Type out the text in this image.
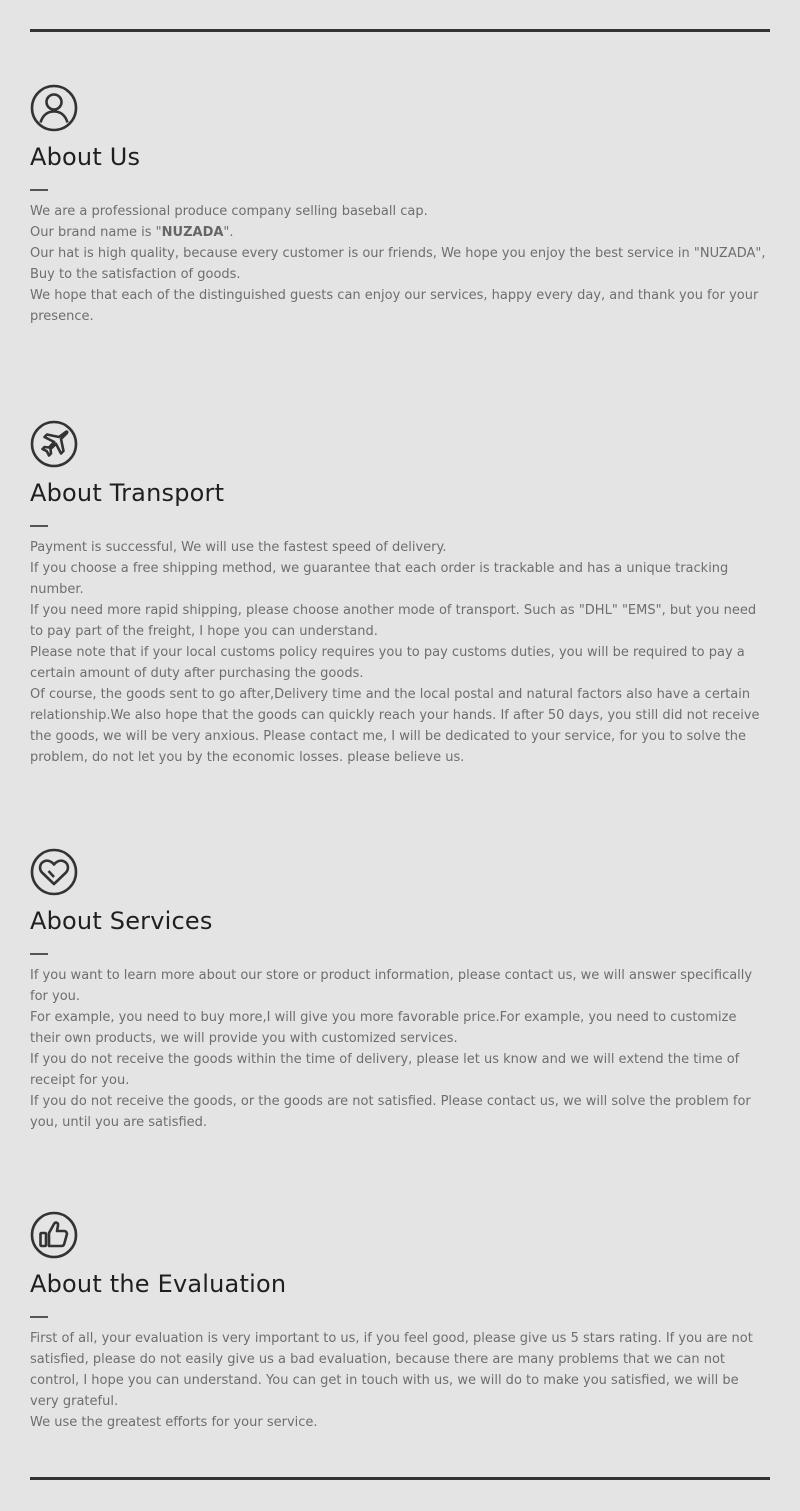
About Us

We are a professional produce company selling baseball cap.

Our brand name is "NUZADA".

Our hat is high quality, because every customer is our friends, We hope you enjoy the best service in "NUZADA", Buy to the satisfaction of goods.

We hope that each of the distinguished guests can enjoy our services, happy every day, and thank you for your presence.

About Transport

Payment is successful, We will use the fastest speed of delivery.

If you choose a free shipping method, we guarantee that each order is trackable and has a unique tracking number.

If you need more rapid shipping, please choose another mode of transport. Such as "DHL" "EMS", but you need to pay part of the freight, I hope you can understand.

Please note that if your local customs policy requires you to pay customs duties, you will be required to pay a certain amount of duty after purchasing the goods.

Of course, the goods sent to go after,Delivery time and the local postal and natural factors also have a certain relationship.We also hope that the goods can quickly reach your hands. If after 50 days, you still did not receive the goods, we will be very anxious. Please contact me, I will be dedicated to your service, for you to solve the problem, do not let you by the economic losses. please believe us.

About Services

If you want to learn more about our store or product information, please contact us, we will answer specifically for you.

For example, you need to buy more,I will give you more favorable price.For example, you need to customize their own products, we will provide you with customized services.

If you do not receive the goods within the time of delivery, please let us know and we will extend the time of receipt for you.

If you do not receive the goods, or the goods are not satisfied. Please contact us, we will solve the problem for you, until you are satisfied.

About the Evaluation

First of all, your evaluation is very important to us, if you feel good, please give us 5 stars rating. If you are not satisfied, please do not easily give us a bad evaluation, because there are many problems that we can not control, I hope you can understand. You can get in touch with us, we will do to make you satisfied, we will be very grateful.

We use the greatest efforts for your service.
